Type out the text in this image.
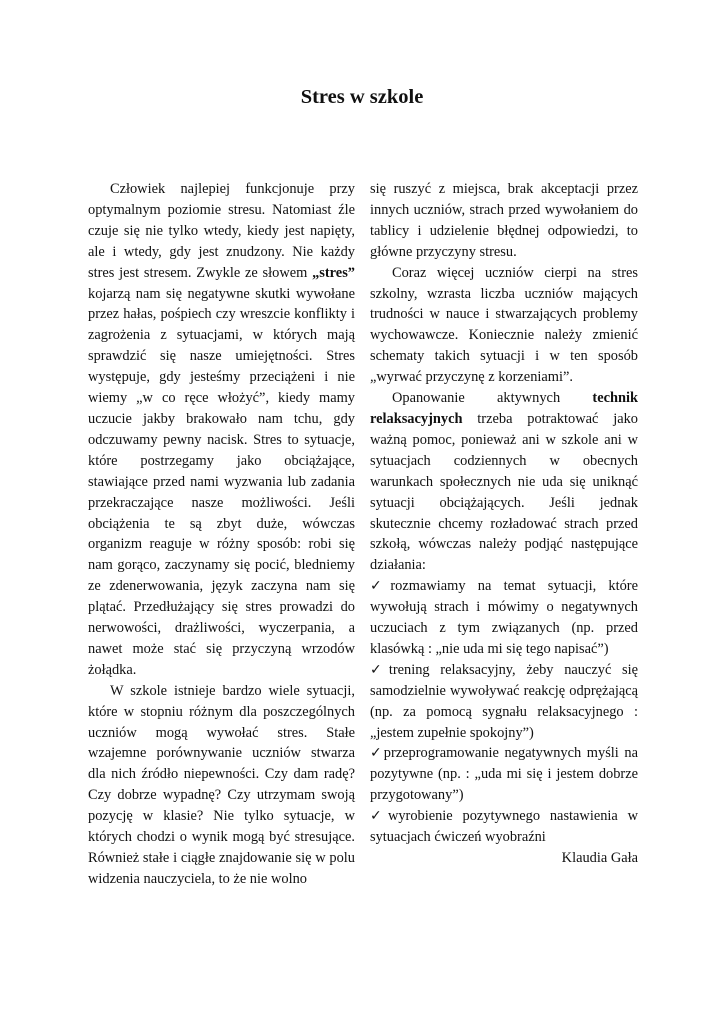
Stres w szkole

Człowiek najlepiej funkcjonuje przy optymalnym poziomie stresu. Natomiast źle czuje się nie tylko wtedy, kiedy jest napięty, ale i wtedy, gdy jest znudzony. Nie każdy stres jest stresem. Zwykle ze słowem „stres” kojarzą nam się negatywne skutki wywołane przez hałas, pośpiech czy wreszcie konflikty i zagrożenia z sytuacjami, w których mają sprawdzić się nasze umiejętności. Stres występuje, gdy jesteśmy przeciążeni i nie wiemy „w co ręce włożyć”, kiedy mamy uczucie jakby brakowało nam tchu, gdy odczuwamy pewny nacisk. Stres to sytuacje, które postrzegamy jako obciążające, stawiające przed nami wyzwania lub zadania przekraczające nasze możliwości. Jeśli obciążenia te są zbyt duże, wówczas organizm reaguje w różny sposób: robi się nam gorąco, zaczynamy się pocić, bledniemy ze zdenerwowania, język zaczyna nam się plątać. Przedłużający się stres prowadzi do nerwowości, drażliwości, wyczerpania, a nawet może stać się przyczyną wrzodów żołądka.

W szkole istnieje bardzo wiele sytuacji, które w stopniu różnym dla poszczególnych uczniów mogą wywołać stres. Stałe wzajemne porównywanie uczniów stwarza dla nich źródło niepewności. Czy dam radę? Czy dobrze wypadnę? Czy utrzymam swoją pozycję w klasie? Nie tylko sytuacje, w których chodzi o wynik mogą być stresujące. Również stałe i ciągłe znajdowanie się w polu widzenia nauczyciela, to że nie wolno

się ruszyć z miejsca, brak akceptacji przez innych uczniów, strach przed wywołaniem do tablicy i udzielenie błędnej odpowiedzi, to główne przyczyny stresu.

Coraz więcej uczniów cierpi na stres szkolny, wzrasta liczba uczniów mających trudności w nauce i stwarzających problemy wychowawcze. Koniecznie należy zmienić schematy takich sytuacji i w ten sposób „wyrwać przyczynę z korzeniami”.

Opanowanie aktywnych technik relaksacyjnych trzeba potraktować jako ważną pomoc, ponieważ ani w szkole ani w sytuacjach codziennych w obecnych warunkach społecznych nie uda się uniknąć sytuacji obciążających. Jeśli jednak skutecznie chcemy rozładować strach przed szkołą, wówczas należy podjąć następujące działania:

✓rozmawiamy na temat sytuacji, które wywołują strach i mówimy o negatywnych uczuciach z tym związanych (np. przed klasówką : „nie uda mi się tego napisać”)
✓trening relaksacyjny, żeby nauczyć się samodzielnie wywoływać reakcję odprężającą (np. za pomocą sygnału relaksacyjnego : „jestem zupełnie spokojny”)
✓przeprogramowanie negatywnych myśli na pozytywne (np. : „uda mi się i jestem dobrze przygotowany”)
✓wyrobienie pozytywnego nastawienia w sytuacjach ćwiczeń wyobraźni

Klaudia Gała
